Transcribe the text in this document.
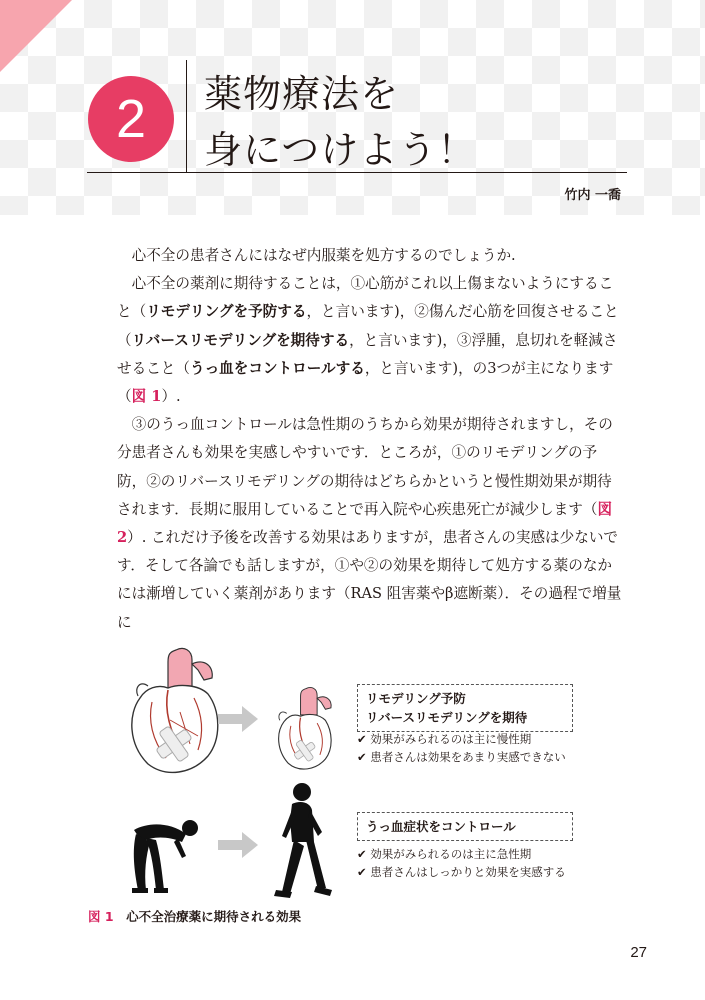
2	薬物療法を
身につけよう！
竹内 一喬

心不全の患者さんにはなぜ内服薬を処方するのでしょうか.

心不全の薬剤に期待することは，①心筋がこれ以上傷まないようにすること（リモデリングを予防する，と言います)，②傷んだ心筋を回復させること（リバースリモデリングを期待する，と言います)，③浮腫，息切れを軽減させること（うっ血をコントロールする，と言います)，の3つが主になります（図 1）.

③のうっ血コントロールは急性期のうちから効果が期待されますし，その分患者さんも効果を実感しやすいです．ところが，①のリモデリングの予防，②のリバースリモデリングの期待はどちらかというと慢性期効果が期待されます．長期に服用していることで再入院や心疾患死亡が減少します（図 2）. これだけ予後を改善する効果はありますが，患者さんの実感は少ないです．そして各論でも話しますが，①や②の効果を期待して処方する薬のなかには漸増していく薬剤があります（RAS 阻害薬やβ遮断薬）．その過程で増量に

リモデリング予防
リバースリモデリングを期待
✔ 効果がみられるのは主に慢性期
✔ 患者さんは効果をあまり実感できない
うっ血症状をコントロール
✔ 効果がみられるのは主に急性期
✔ 患者さんはしっかりと効果を実感する
図 1　 心不全治療薬に期待される効果
27
